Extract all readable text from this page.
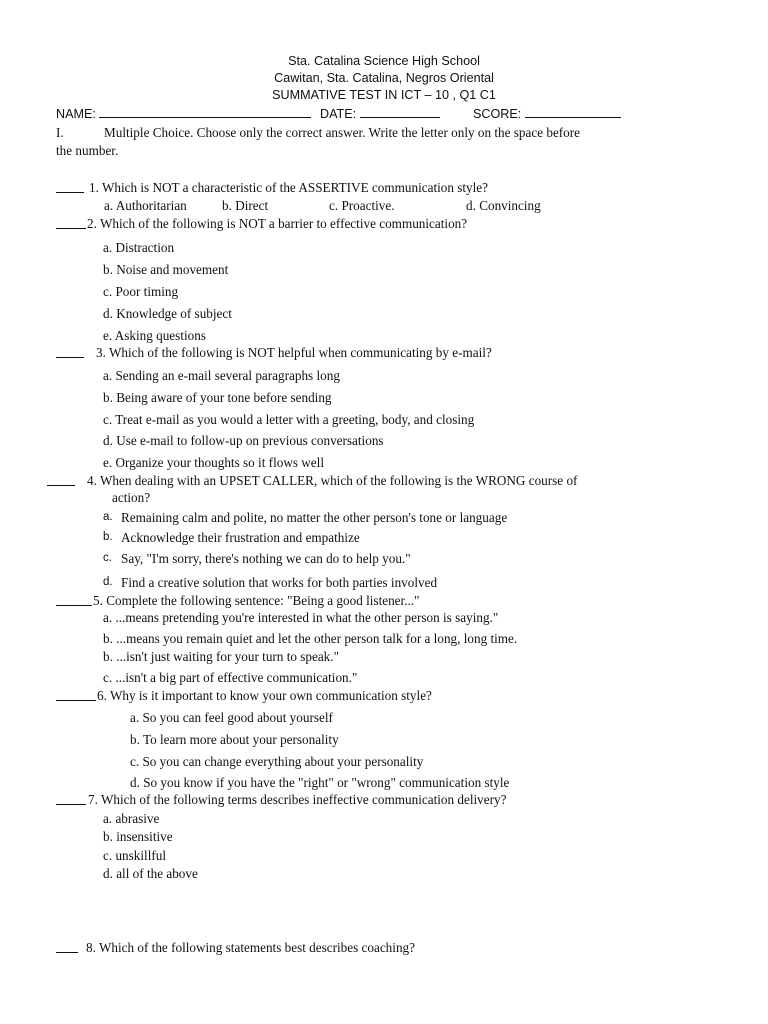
Sta. Catalina Science High School
Cawitan, Sta. Catalina, Negros Oriental
SUMMATIVE TEST IN ICT – 10 , Q1 C1
NAME:	DATE:	SCORE:
I.	Multiple Choice. Choose only the correct answer. Write the letter only on the space before
the number.
1. Which is NOT a characteristic of the ASSERTIVE communication style?
a. Authoritarian	b. Direct	c. Proactive.	d. Convincing
2. Which of the following is NOT a barrier to effective communication?
a. Distraction
b. Noise and movement
c. Poor timing
d. Knowledge of subject
e. Asking questions
3. Which of the following is NOT helpful when communicating by e-mail?
a. Sending an e-mail several paragraphs long
b. Being aware of your tone before sending
c. Treat e-mail as you would a letter with a greeting, body, and closing
d. Use e-mail to follow-up on previous conversations
e. Organize your thoughts so it flows well
4. When dealing with an UPSET CALLER, which of the following is the WRONG course of
action?
a. Remaining calm and polite, no matter the other person's tone or language
b. Acknowledge their frustration and empathize
c. Say, "I'm sorry, there's nothing we can do to help you."
d. Find a creative solution that works for both parties involved
5. Complete the following sentence: "Being a good listener..."
a. ...means pretending you're interested in what the other person is saying."
b. ...means you remain quiet and let the other person talk for a long, long time.
b. ...isn't just waiting for your turn to speak."
c. ...isn't a big part of effective communication."
6. Why is it important to know your own communication style?
a. So you can feel good about yourself
b. To learn more about your personality
c. So you can change everything about your personality
d. So you know if you have the "right" or "wrong" communication style
7. Which of the following terms describes ineffective communication delivery?
a. abrasive
b. insensitive
c. unskillful
d. all of the above
8. Which of the following statements best describes coaching?
